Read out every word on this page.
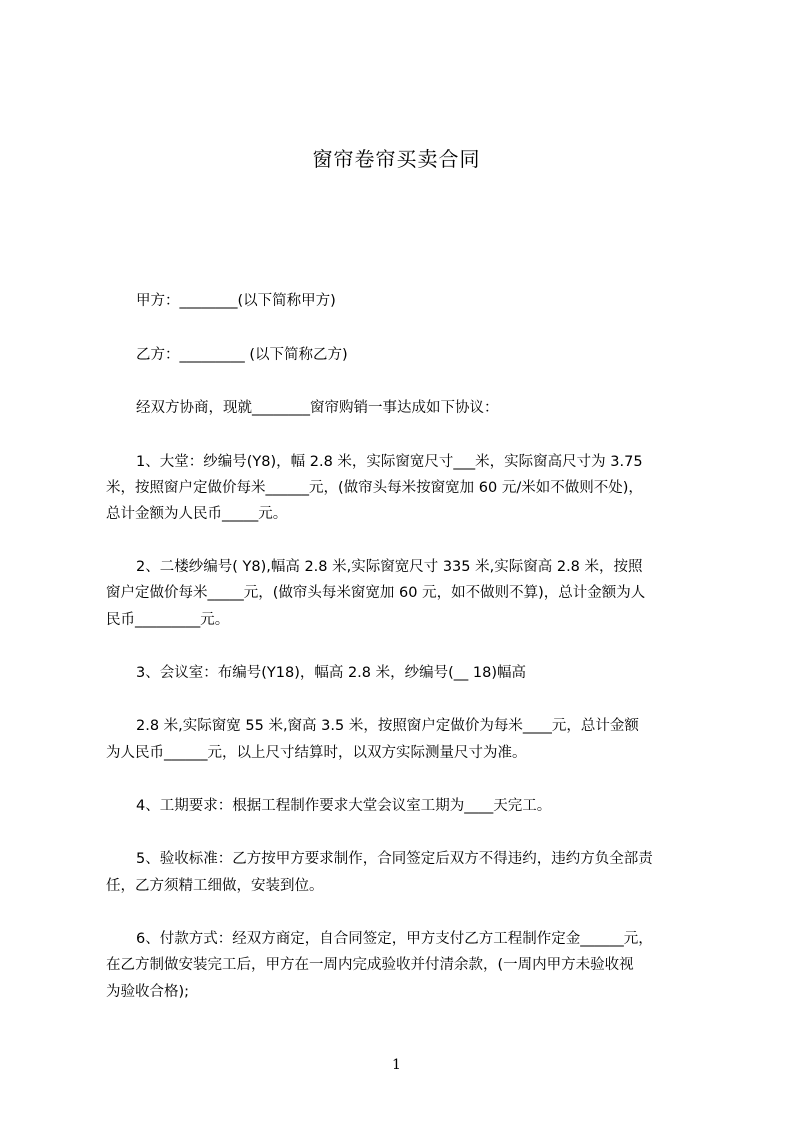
窗帘卷帘买卖合同
甲方：________(以下简称甲方)
乙方：_________ (以下简称乙方)
经双方协商，现就________窗帘购销一事达成如下协议：
1、大堂：纱编号(Y8)，幅 2.8 米，实际窗宽尺寸___米，实际窗高尺寸为 3.75
米，按照窗户定做价每米______元，(做帘头每米按窗宽加 60 元/米如不做则不处)，
总计金额为人民币_____元。
2、二楼纱编号( Y8),幅高 2.8 米,实际窗宽尺寸 335 米,实际窗高 2.8 米，按照
窗户定做价每米_____元，(做帘头每米窗宽加 60 元，如不做则不算)，总计金额为人
民币_________元。
3、会议室：布编号(Y18)，幅高 2.8 米，纱编号(__ 18)幅高
2.8 米,实际窗宽 55 米,窗高 3.5 米，按照窗户定做价为每米____元，总计金额
为人民币______元，以上尺寸结算时，以双方实际测量尺寸为准。
4、工期要求：根据工程制作要求大堂会议室工期为____天完工。
5、验收标准：乙方按甲方要求制作，合同签定后双方不得违约，违约方负全部责
任，乙方须精工细做，安装到位。
6、付款方式：经双方商定，自合同签定，甲方支付乙方工程制作定金______元，
在乙方制做安装完工后，甲方在一周内完成验收并付清余款，(一周内甲方未验收视
为验收合格);
1
